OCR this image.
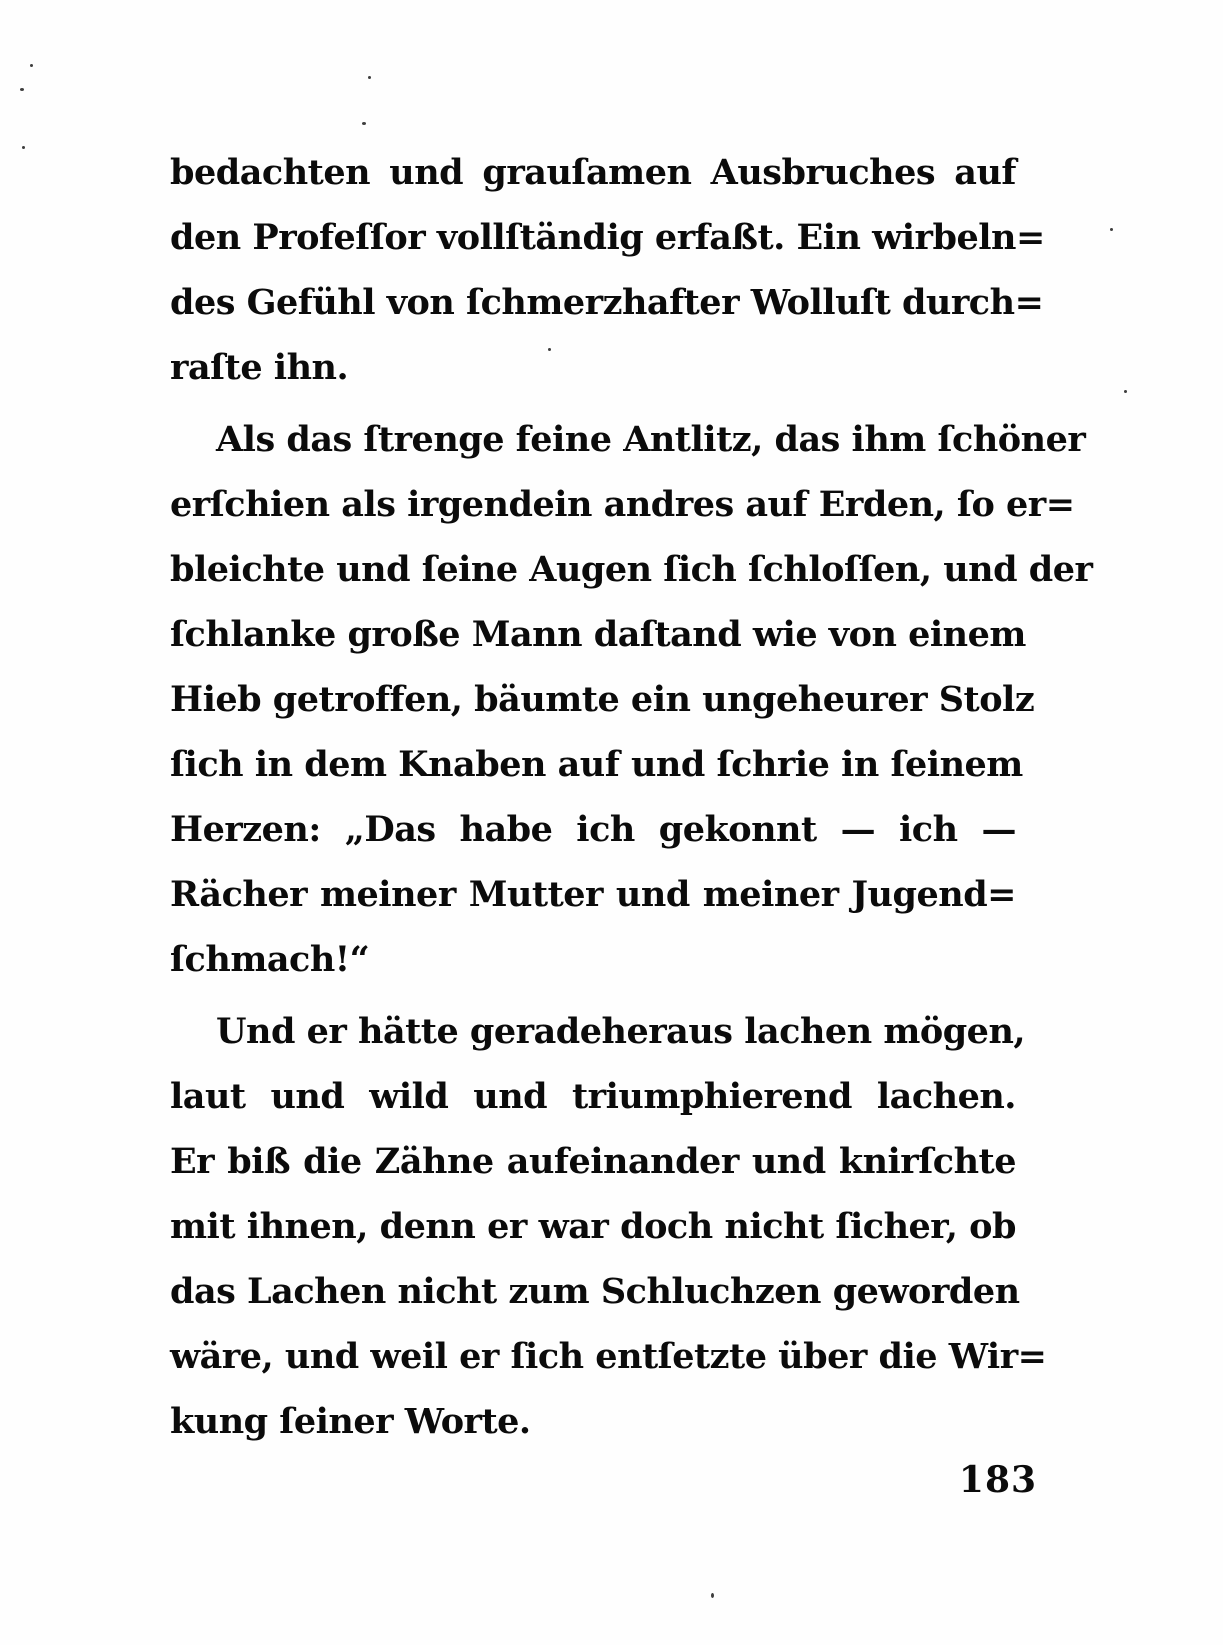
bedachten und grauſamen Ausbruches auf
den Profeſſor vollſtändig erfaßt. Ein wirbeln=
des Gefühl von ſchmerzhafter Wolluſt durch=
raſte ihn.
Als das ſtrenge feine Antlitz, das ihm ſchöner
erſchien als irgendein andres auf Erden, ſo er=
bleichte und ſeine Augen ſich ſchloſſen, und der
ſchlanke große Mann daſtand wie von einem
Hieb getroffen, bäumte ein ungeheurer Stolz
ſich in dem Knaben auf und ſchrie in ſeinem
Herzen: „Das habe ich gekonnt — ich —
Rächer meiner Mutter und meiner Jugend=
ſchmach!“
Und er hätte geradeheraus lachen mögen,
laut und wild und triumphierend lachen.
Er biß die Zähne aufeinander und knirſchte
mit ihnen, denn er war doch nicht ſicher, ob
das Lachen nicht zum Schluchzen geworden
wäre, und weil er ſich entſetzte über die Wir=
kung ſeiner Worte.
183
